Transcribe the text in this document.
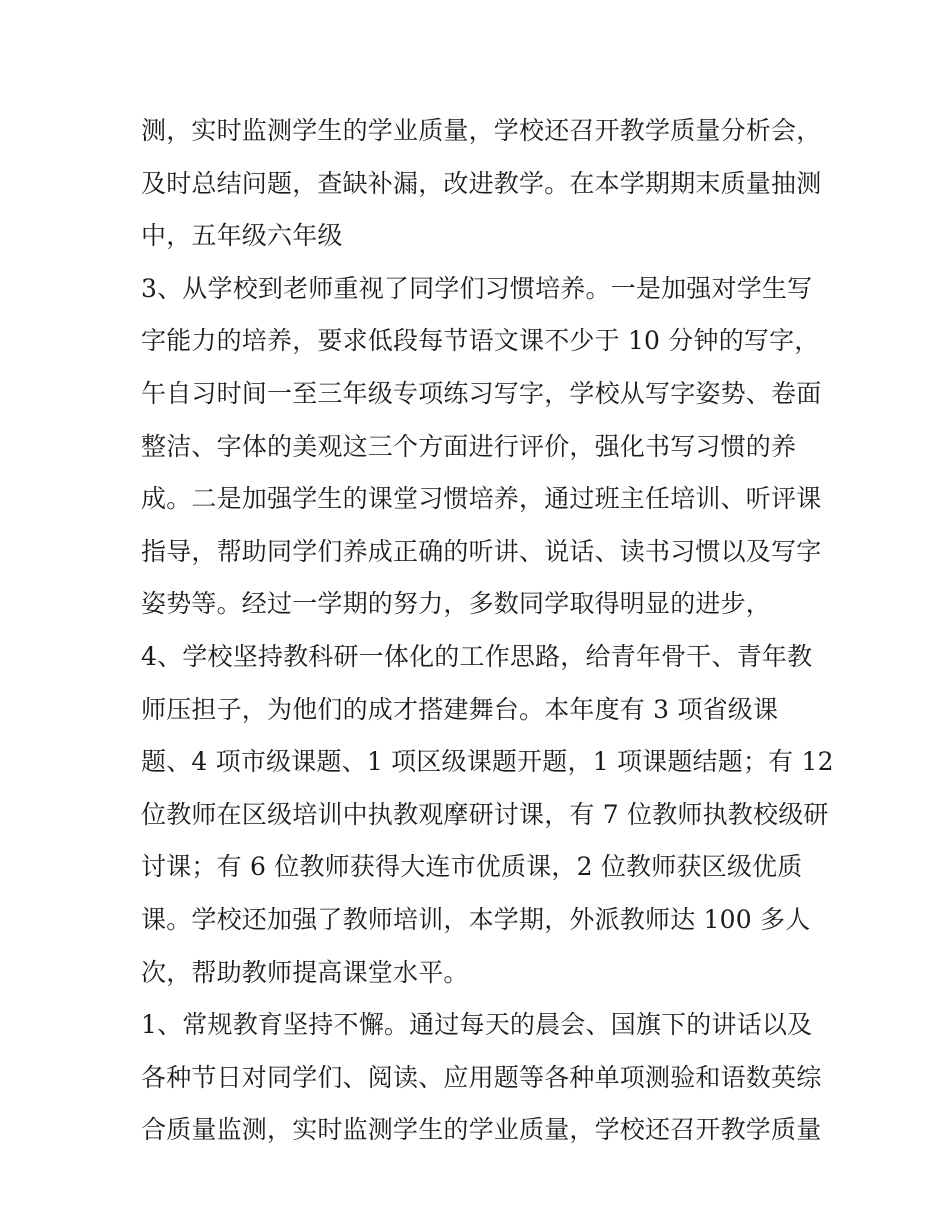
测，实时监测学生的学业质量，学校还召开教学质量分析会，
及时总结问题，查缺补漏，改进教学。在本学期期末质量抽测
中，五年级六年级
3、从学校到老师重视了同学们习惯培养。一是加强对学生写
字能力的培养，要求低段每节语文课不少于 10 分钟的写字，
午自习时间一至三年级专项练习写字，学校从写字姿势、卷面
整洁、字体的美观这三个方面进行评价，强化书写习惯的养
成。二是加强学生的课堂习惯培养，通过班主任培训、听评课
指导，帮助同学们养成正确的听讲、说话、读书习惯以及写字
姿势等。经过一学期的努力，多数同学取得明显的进步，
4、学校坚持教科研一体化的工作思路，给青年骨干、青年教
师压担子，为他们的成才搭建舞台。本年度有 3 项省级课
题、4 项市级课题、1 项区级课题开题，1 项课题结题；有 12
位教师在区级培训中执教观摩研讨课，有 7 位教师执教校级研
讨课；有 6 位教师获得大连市优质课，2 位教师获区级优质
课。学校还加强了教师培训，本学期，外派教师达 100 多人
次，帮助教师提高课堂水平。
1、常规教育坚持不懈。通过每天的晨会、国旗下的讲话以及
各种节日对同学们、阅读、应用题等各种单项测验和语数英综
合质量监测，实时监测学生的学业质量，学校还召开教学质量
